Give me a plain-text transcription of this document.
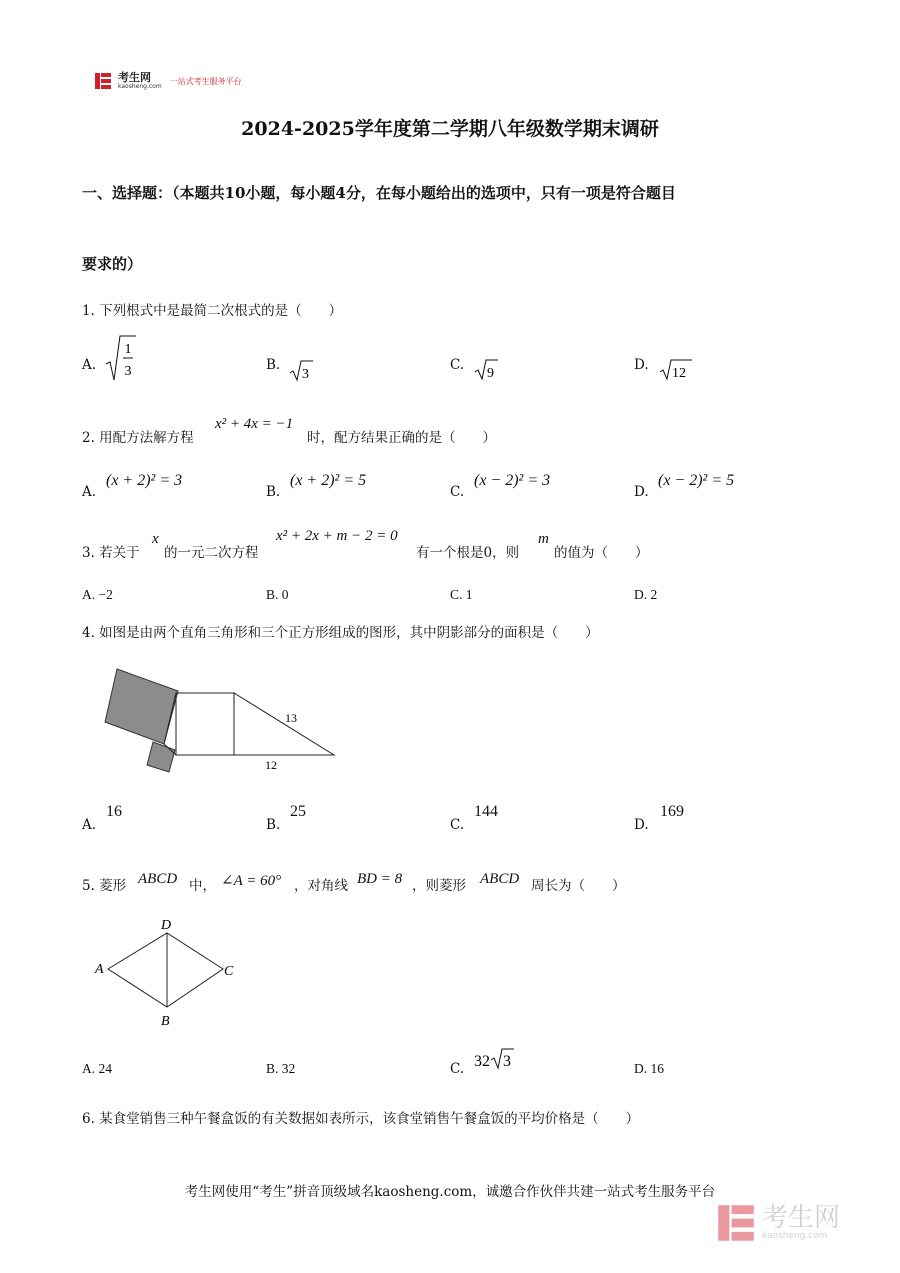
考生网
kaosheng.com
一站式考生服务平台
2024-2025学年度第二学期八年级数学期末调研
一、选择题：（本题共10小题，每小题4分，在每小题给出的选项中，只有一项是符合题目
要求的）
1. 下列根式中是最简二次根式的是（　　）
A.
1
3	B.
3
C.
9
D.
12
2. 用配方法解方程
x² + 4x = −1
时，配方结果正确的是（　　）
A.
(x + 2)² = 3
B.
(x + 2)² = 5
C.
(x − 2)² = 3
D.
(x − 2)² = 5
3. 若关于
x
的一元二次方程
x² + 2x + m − 2 = 0
有一个根是0，则
m
的值为（　　）
A. −2	B. 0	C. 1	D. 2
4. 如图是由两个直角三角形和三个正方形组成的图形，其中阴影部分的面积是（　　）
13
12
A.
16
B.
25
C.
144
D.
169
5. 菱形 ABCD 中， ∠A = 60° ，对角线 BD = 8 ，则菱形 ABCD 周长为（　　）
A
B
C
D
A. 24	B. 32	C. 32 3	D. 16
6. 某食堂销售三种午餐盒饭的有关数据如表所示，该食堂销售午餐盒饭的平均价格是（　　）
考生网使用“考生”拼音顶级域名kaosheng.com，诚邀合作伙伴共建一站式考生服务平台
考生网
kaosheng.com
